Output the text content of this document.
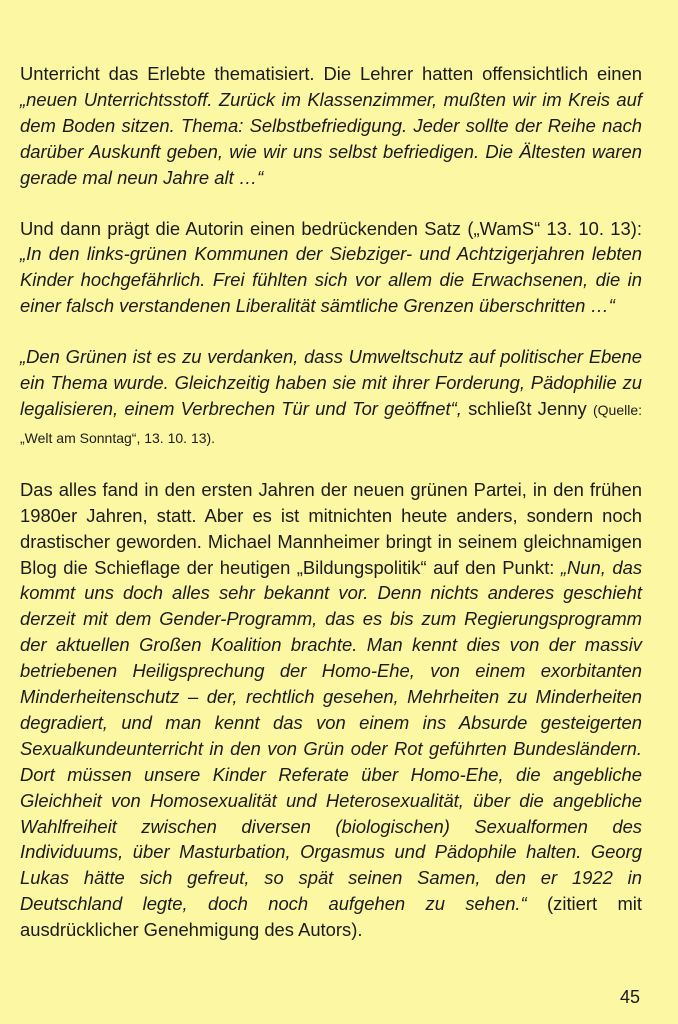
Unterricht das Erlebte thematisiert. Die Lehrer hatten offensichtlich einen „neuen Unterrichtsstoff. Zurück im Klassenzimmer, mußten wir im Kreis auf dem Boden sitzen. Thema: Selbstbefriedigung. Jeder sollte der Reihe nach darüber Auskunft geben, wie wir uns selbst befriedigen. Die Ältesten waren gerade mal neun Jahre alt …“

Und dann prägt die Autorin einen bedrückenden Satz („WamS“ 13. 10. 13): „In den links-grünen Kommunen der Siebziger- und Achtzigerjahren lebten Kinder hochgefährlich. Frei fühlten sich vor allem die Erwachsenen, die in einer falsch verstandenen Liberalität sämtliche Grenzen überschritten …“

„Den Grünen ist es zu verdanken, dass Umweltschutz auf politischer Ebene ein Thema wurde. Gleichzeitig haben sie mit ihrer Forderung, Pädophilie zu legalisieren, einem Verbrechen Tür und Tor geöffnet“, schließt Jenny (Quelle: „Welt am Sonntag“, 13. 10. 13).

Das alles fand in den ersten Jahren der neuen grünen Partei, in den frühen 1980er Jahren, statt. Aber es ist mitnichten heute anders, sondern noch drastischer geworden. Michael Mannheimer bringt in seinem gleichnamigen Blog die Schieflage der heutigen „Bildungspolitik“ auf den Punkt: „Nun, das kommt uns doch alles sehr bekannt vor. Denn nichts anderes geschieht derzeit mit dem Gender-Programm, das es bis zum Regierungsprogramm der aktuellen Großen Koalition brachte. Man kennt dies von der massiv betriebenen Heiligsprechung der Homo-Ehe, von einem exorbitanten Minderheitenschutz – der, rechtlich gesehen, Mehrheiten zu Minderheiten degradiert, und man kennt das von einem ins Absurde gesteigerten Sexualkundeunterricht in den von Grün oder Rot geführten Bundesländern. Dort müssen unsere Kinder Referate über Homo-Ehe, die angebliche Gleichheit von Homosexualität und Heterosexualität, über die angebliche Wahlfreiheit zwischen diversen (biologischen) Sexualformen des Individuums, über Masturbation, Orgasmus und Pädophile halten. Georg Lukas hätte sich gefreut, so spät seinen Samen, den er 1922 in Deutschland legte, doch noch aufgehen zu sehen.“ (zitiert mit ausdrücklicher Genehmigung des Autors).

45
